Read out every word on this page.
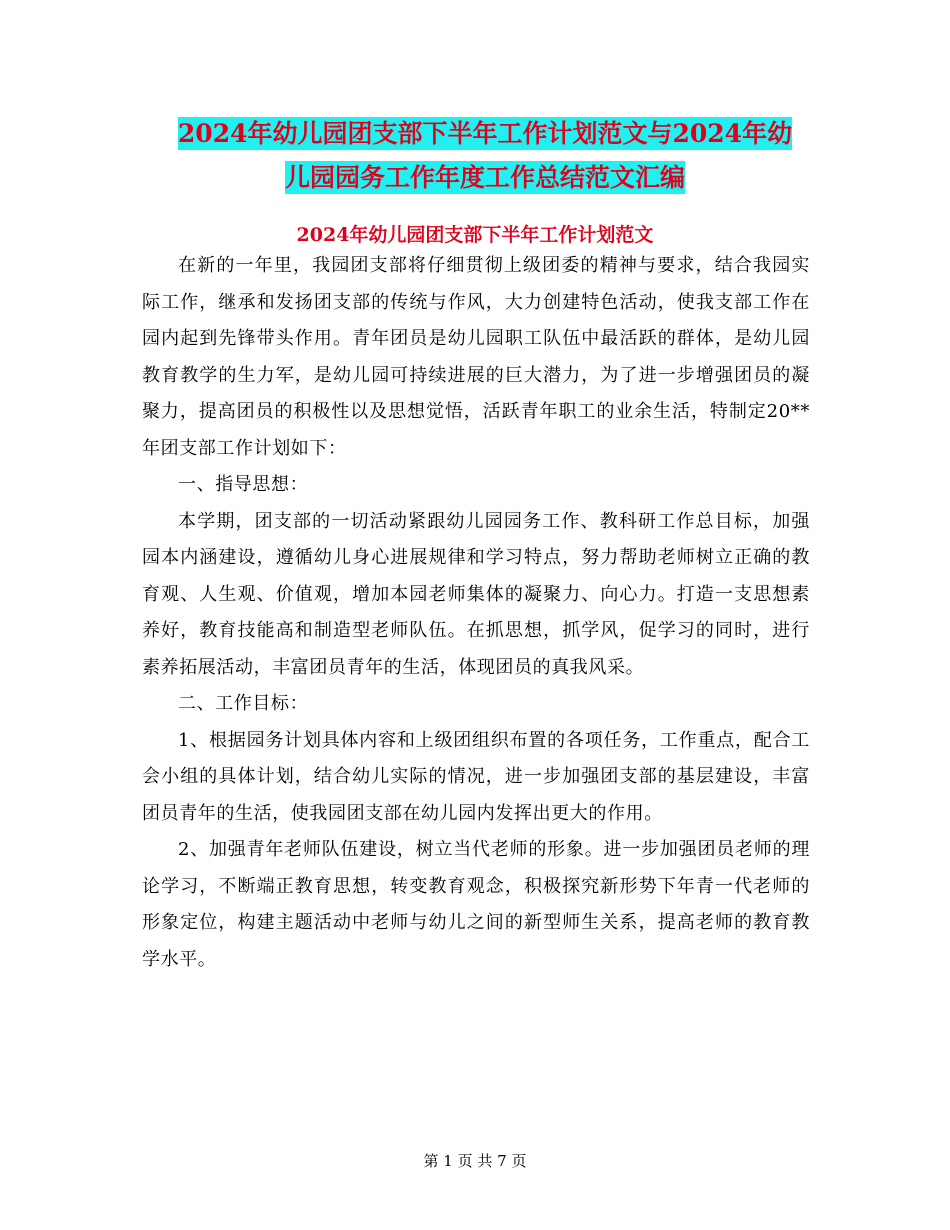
2024年幼儿园团支部下半年工作计划范文与2024年幼
儿园园务工作年度工作总结范文汇编
2024年幼儿园团支部下半年工作计划范文

在新的一年里，我园团支部将仔细贯彻上级团委的精神与要求，结合我园实际工作，继承和发扬团支部的传统与作风，大力创建特色活动，使我支部工作在园内起到先锋带头作用。青年团员是幼儿园职工队伍中最活跃的群体，是幼儿园教育教学的生力军，是幼儿园可持续进展的巨大潜力，为了进一步增强团员的凝聚力，提高团员的积极性以及思想觉悟，活跃青年职工的业余生活，特制定20**年团支部工作计划如下：

一、指导思想：

本学期，团支部的一切活动紧跟幼儿园园务工作、教科研工作总目标，加强园本内涵建设，遵循幼儿身心进展规律和学习特点，努力帮助老师树立正确的教育观、人生观、价值观，增加本园老师集体的凝聚力、向心力。打造一支思想素养好，教育技能高和制造型老师队伍。在抓思想，抓学风，促学习的同时，进行素养拓展活动，丰富团员青年的生活，体现团员的真我风采。

二、工作目标：

1、根据园务计划具体内容和上级团组织布置的各项任务，工作重点，配合工会小组的具体计划，结合幼儿实际的情况，进一步加强团支部的基层建设，丰富团员青年的生活，使我园团支部在幼儿园内发挥出更大的作用。

2、加强青年老师队伍建设，树立当代老师的形象。进一步加强团员老师的理论学习，不断端正教育思想，转变教育观念，积极探究新形势下年青一代老师的形象定位，构建主题活动中老师与幼儿之间的新型师生关系，提高老师的教育教学水平。

第 1 页 共 7 页
